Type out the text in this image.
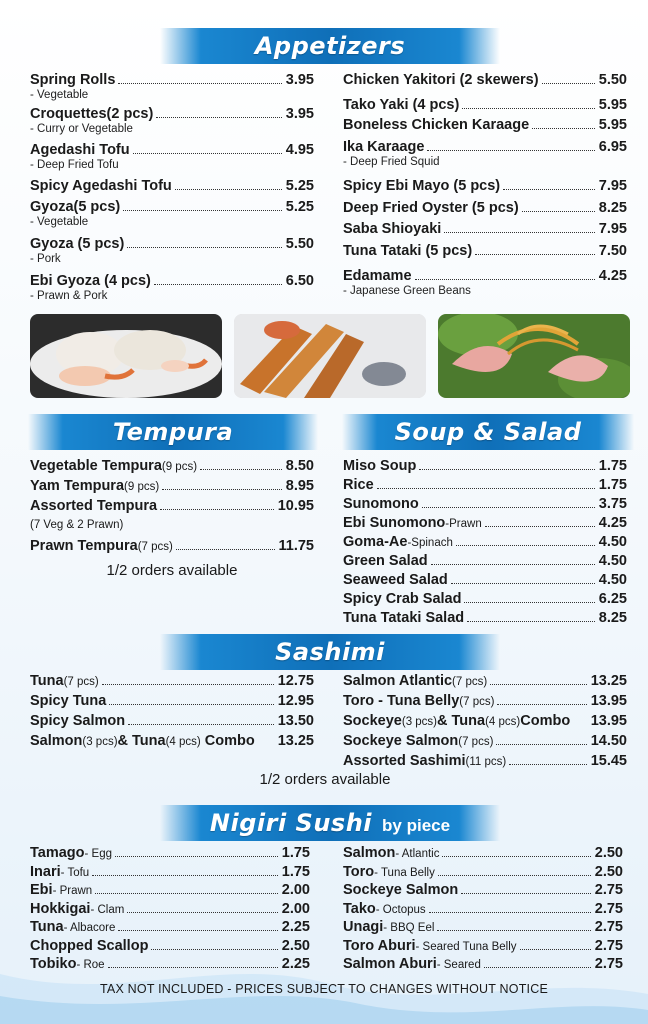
Appetizers
Tempura	Soup & Salad
Sashimi
Nigiri Sushi by piece
Spring Rolls	3.95
- Vegetable
Croquettes (2 pcs)	3.95
- Curry or Vegetable
Agedashi Tofu	4.95
- Deep Fried Tofu
Spicy Agedashi Tofu	5.25
Gyoza (5 pcs)	5.25
- Vegetable
Gyoza (5 pcs)	5.50
- Pork
Ebi Gyoza (4 pcs)	6.50
- Prawn & Pork
Chicken Yakitori (2 skewers)	5.50
Tako Yaki (4 pcs)	5.95
Boneless Chicken Karaage	5.95
Ika Karaage	6.95
- Deep Fried Squid
Spicy Ebi Mayo (5 pcs)	7.95
Deep Fried Oyster (5 pcs)	8.25
Saba Shioyaki	7.95
Tuna Tataki (5 pcs)	7.50
Edamame	4.25
- Japanese Green Beans
Vegetable Tempura (9 pcs)	8.50
Yam Tempura (9 pcs)	8.95
Assorted Tempura	10.95
(7 Veg & 2 Prawn)
Prawn Tempura (7 pcs)	11.75
1/2 orders available
Miso Soup	1.75
Rice	1.75
Sunomono	3.75
Ebi Sunomono -Prawn	4.25
Goma-Ae -Spinach	4.50
Green Salad	4.50
Seaweed Salad	4.50
Spicy Crab Salad	6.25
Tuna Tataki Salad	8.25
Tuna (7 pcs)	12.75
Spicy Tuna	12.95
Spicy Salmon	13.50
Salmon (3 pcs) & Tuna (4 pcs) Combo 13.25
Salmon Atlantic (7 pcs)	13.25
Toro - Tuna Belly (7 pcs)	13.95
Sockeye (3 pcs) & Tuna (4 pcs) Combo 13.95
Sockeye Salmon (7 pcs)	14.50
Assorted Sashimi (11 pcs)	15.45
1/2 orders available
Tamago - Egg	1.75
Inari - Tofu	1.75
Ebi - Prawn	2.00
Hokkigai - Clam	2.00
Tuna - Albacore	2.25
Chopped Scallop	2.50
Tobiko - Roe	2.25
Salmon - Atlantic	2.50
Toro - Tuna Belly	2.50
Sockeye Salmon	2.75
Tako - Octopus	2.75
Unagi - BBQ Eel	2.75
Toro Aburi - Seared Tuna Belly	2.75
Salmon Aburi - Seared	2.75
TAX NOT INCLUDED - PRICES SUBJECT TO CHANGES WITHOUT NOTICE
